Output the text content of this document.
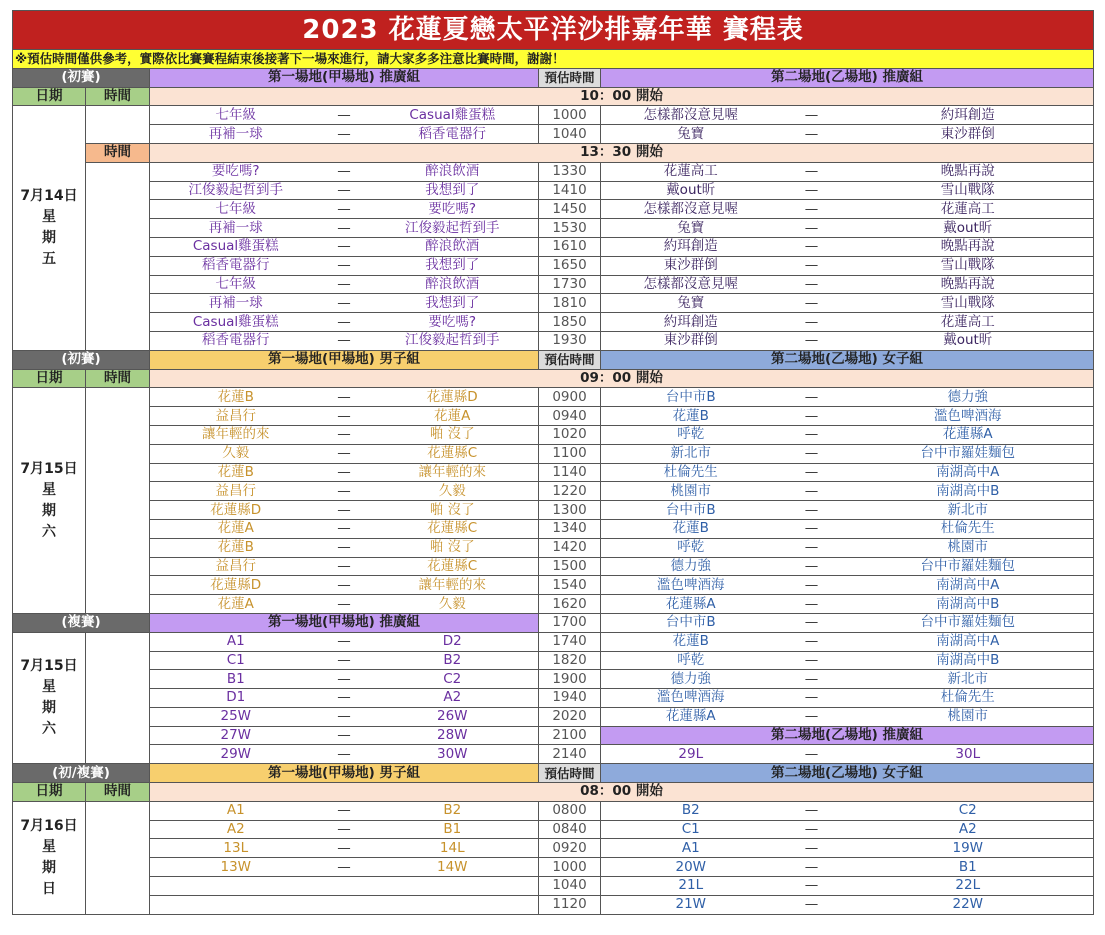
2023 花蓮夏戀太平洋沙排嘉年華 賽程表								
※預估時間僅供參考，實際依比賽賽程結束後接著下一場來進行，請大家多多注意比賽時間，謝謝！								
(初賽)		第一場地(甲場地) 推廣組			預估時間	第二場地(乙場地) 推廣組		
日期	時間	10：00 開始						
7月14日
星
期
五		七年級	—	Casual雞蛋糕	1000	怎樣都沒意見喔	—	約珥創造
		再補一球	—	稻香電器行	1040	兔寶	—	東沙群倒
	時間	13：30 開始						
		要吃嗎?	—	醉浪飲酒	1330	花蓮高工	—	晚點再說
		江俊毅起哲到手	—	我想到了	1410	戴out昕	—	雪山戰隊
		七年級	—	要吃嗎?	1450	怎樣都沒意見喔	—	花蓮高工
		再補一球	—	江俊毅起哲到手	1530	兔寶	—	戴out昕
		Casual雞蛋糕	—	醉浪飲酒	1610	約珥創造	—	晚點再說
		稻香電器行	—	我想到了	1650	東沙群倒	—	雪山戰隊
		七年級	—	醉浪飲酒	1730	怎樣都沒意見喔	—	晚點再說
		再補一球	—	我想到了	1810	兔寶	—	雪山戰隊
		Casual雞蛋糕	—	要吃嗎?	1850	約珥創造	—	花蓮高工
		稻香電器行	—	江俊毅起哲到手	1930	東沙群倒	—	戴out昕
(初賽)		第一場地(甲場地) 男子組			預估時間	第二場地(乙場地) 女子組		
日期	時間	09：00 開始						
7月15日
星
期
六		花蓮B	—	花蓮縣D	0900	台中市B	—	德力強
		益昌行	—	花蓮A	0940	花蓮B	—	濫色啤酒海
		讓年輕的來	—	啪 沒了	1020	呼乾	—	花蓮縣A
		久毅	—	花蓮縣C	1100	新北市	—	台中市羅娃麵包
		花蓮B	—	讓年輕的來	1140	杜倫先生	—	南湖高中A
		益昌行	—	久毅	1220	桃園市	—	南湖高中B
		花蓮縣D	—	啪 沒了	1300	台中市B	—	新北市
		花蓮A	—	花蓮縣C	1340	花蓮B	—	杜倫先生
		花蓮B	—	啪 沒了	1420	呼乾	—	桃園市
		益昌行	—	花蓮縣C	1500	德力強	—	台中市羅娃麵包
		花蓮縣D	—	讓年輕的來	1540	濫色啤酒海	—	南湖高中A
		花蓮A	—	久毅	1620	花蓮縣A	—	南湖高中B
(複賽)		第一場地(甲場地) 推廣組			1700	台中市B	—	台中市羅娃麵包
7月15日
星
期
六		A1	—	D2	1740	花蓮B	—	南湖高中A
		C1	—	B2	1820	呼乾	—	南湖高中B
		B1	—	C2	1900	德力強	—	新北市
		D1	—	A2	1940	濫色啤酒海	—	杜倫先生
		25W	—	26W	2020	花蓮縣A	—	桃園市
		27W	—	28W	2100	第二場地(乙場地) 推廣組		
		29W	—	30W	2140	29L	—	30L
(初/複賽)		第一場地(甲場地) 男子組			預估時間	第二場地(乙場地) 女子組		
日期	時間	08：00 開始						
7月16日
星
期
日		A1	—	B2	0800	B2	—	C2
		A2	—	B1	0840	C1	—	A2
		13L	—	14L	0920	A1	—	19W
		13W	—	14W	1000	20W	—	B1
					1040	21L	—	22L
					1120	21W	—	22W
